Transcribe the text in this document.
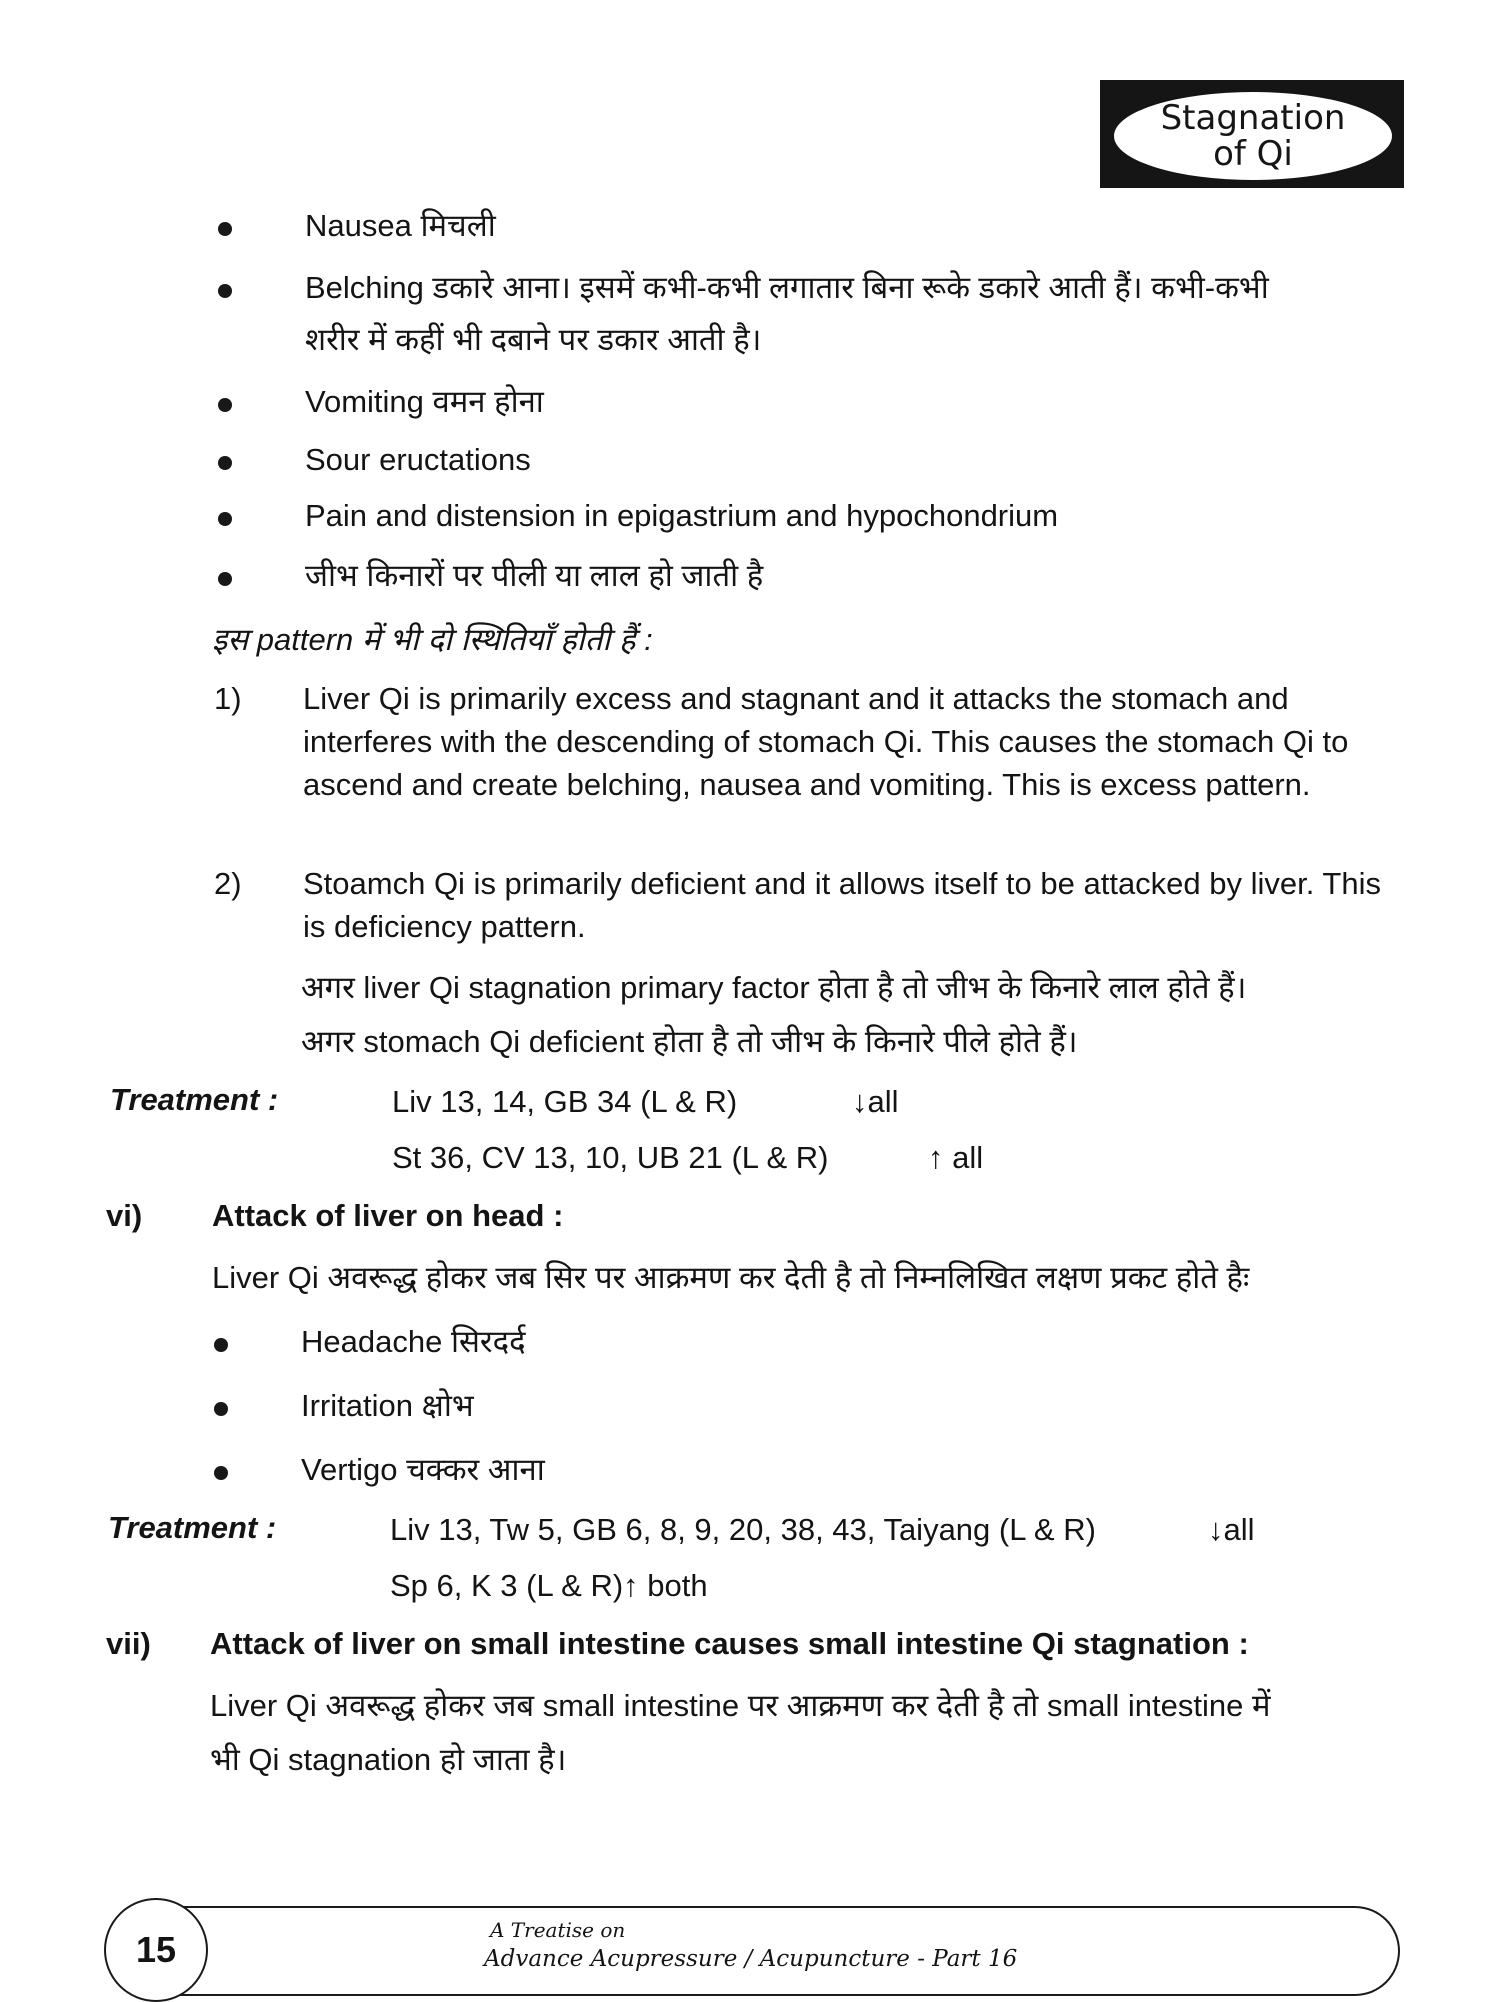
Stagnation
of Qi
Nausea मिचली
Belching डकारे आना। इसमें कभी-कभी लगातार बिना रूके डकारे आती हैं। कभी-कभी
शरीर में कहीं भी दबाने पर डकार आती है।
Vomiting वमन होना
Sour eructations
Pain and distension in epigastrium and hypochondrium
जीभ किनारों पर पीली या लाल हो जाती है
इस pattern में भी दो स्थितियाँ होती हैं :
1) Liver Qi is primarily excess and stagnant and it attacks the stomach and interferes with the descending of stomach Qi. This causes the stomach Qi to ascend and create belching, nausea and vomiting. This is excess pattern.
2) Stoamch Qi is primarily deficient and it allows itself to be attacked by liver. This is deficiency pattern.
अगर liver Qi stagnation primary factor होता है तो जीभ के किनारे लाल होते हैं।
अगर stomach Qi deficient होता है तो जीभ के किनारे पीले होते हैं।
Treatment :	Liv 13, 14, GB 34 (L & R)	↓all
St 36, CV 13, 10, UB 21 (L & R)	↑ all
vi) Attack of liver on head :
Liver Qi अवरूद्ध होकर जब सिर पर आक्रमण कर देती है तो निम्नलिखित लक्षण प्रकट होते हैः
Headache सिरदर्द
Irritation क्षोभ
Vertigo चक्कर आना
Treatment :	Liv 13, Tw 5, GB 6, 8, 9, 20, 38, 43, Taiyang (L & R)	↓all
Sp 6, K 3 (L & R)↑ both
vii) Attack of liver on small intestine causes small intestine Qi stagnation :
Liver Qi अवरूद्ध होकर जब small intestine पर आक्रमण कर देती है तो small intestine में
भी Qi stagnation हो जाता है।
15	A Treatise on
Advance Acupressure / Acupuncture - Part 16
